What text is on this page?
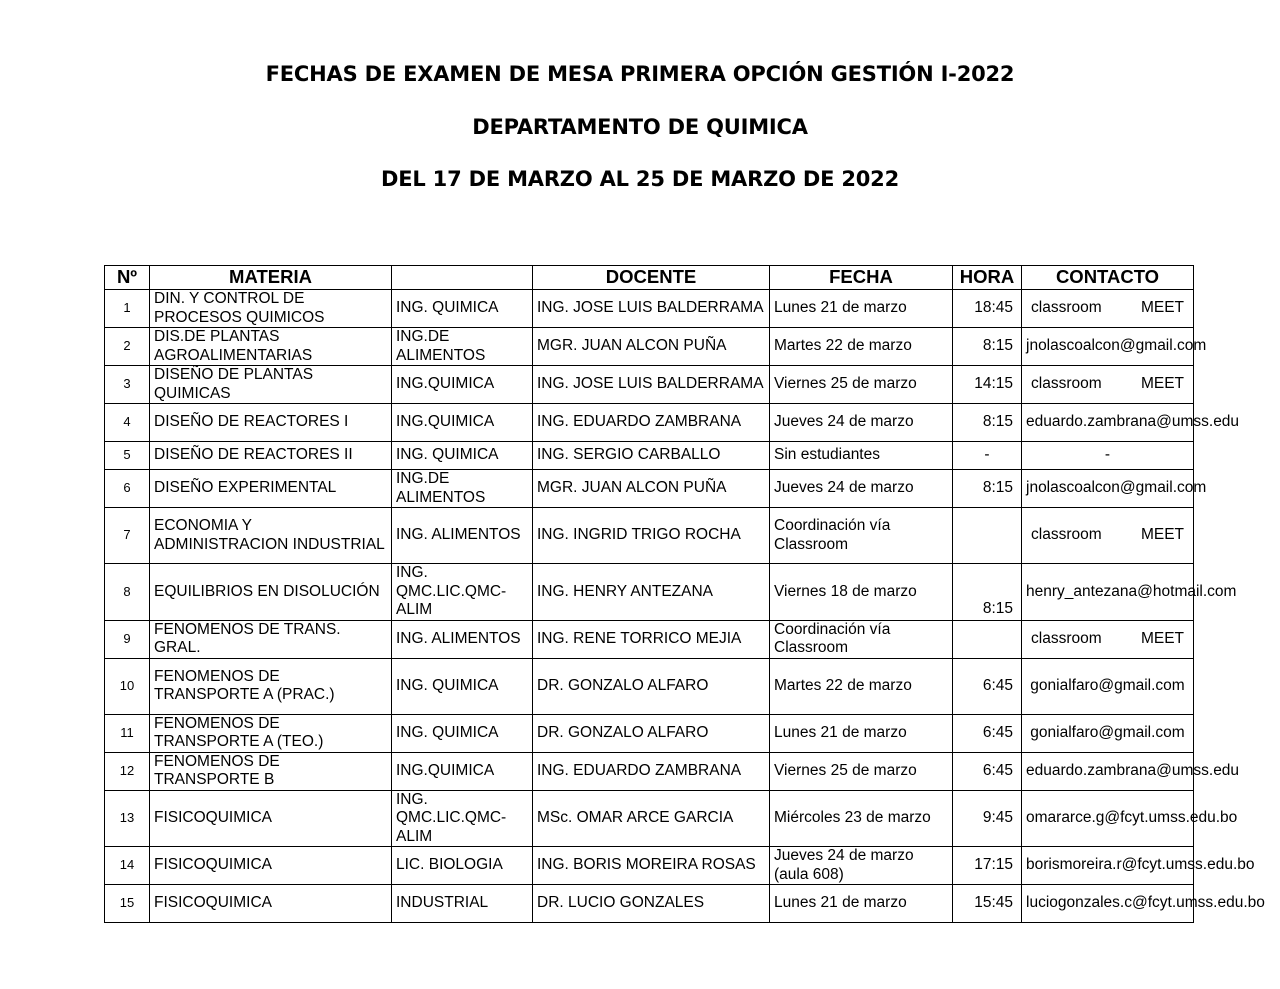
FECHAS DE EXAMEN DE MESA PRIMERA OPCIÓN GESTIÓN I-2022
DEPARTAMENTO DE QUIMICA
DEL 17 DE MARZO AL 25 DE MARZO DE 2022
Nº	MATERIA		DOCENTE	FECHA	HORA	CONTACTO
1	DIN. Y CONTROL DE PROCESOS QUIMICOS	ING. QUIMICA	ING. JOSE LUIS BALDERRAMA	Lunes 21 de marzo	18:45	classroom MEET

2	DIS.DE PLANTAS AGROALIMENTARIAS	ING.DE ALIMENTOS	MGR. JUAN ALCON PUÑA	Martes 22 de marzo	8:15	jnolascoalcon@gmail.com
3	DISEÑO DE PLANTAS QUIMICAS	ING.QUIMICA	ING. JOSE LUIS BALDERRAMA	Viernes 25 de marzo	14:15	classroom MEET

4	DISEÑO DE REACTORES I	ING.QUIMICA	ING. EDUARDO ZAMBRANA	Jueves 24 de marzo	8:15	eduardo.zambrana@umss.edu
5	DISEÑO DE REACTORES II	ING. QUIMICA	ING. SERGIO CARBALLO	Sin estudiantes	-	-
6	DISEÑO EXPERIMENTAL	ING.DE ALIMENTOS	MGR. JUAN ALCON PUÑA	Jueves 24 de marzo	8:15	jnolascoalcon@gmail.com
7	ECONOMIA Y ADMINISTRACION INDUSTRIAL	ING. ALIMENTOS	ING. INGRID TRIGO ROCHA	Coordinación vía Classroom		classroom MEET

8	EQUILIBRIOS EN DISOLUCIÓN	ING. QMC.LIC.QMC-ALIM	ING. HENRY ANTEZANA	Viernes 18 de marzo	8:15	henry_antezana@hotmail.com
9	FENOMENOS DE TRANS. GRAL.	ING. ALIMENTOS	ING. RENE TORRICO MEJIA	Coordinación vía Classroom		classroom MEET

10	FENOMENOS DE TRANSPORTE A (PRAC.)	ING. QUIMICA	DR. GONZALO ALFARO	Martes 22 de marzo	6:45	gonialfaro@gmail.com
11	FENOMENOS DE TRANSPORTE A (TEO.)	ING. QUIMICA	DR. GONZALO ALFARO	Lunes 21 de marzo	6:45	gonialfaro@gmail.com
12	FENOMENOS DE TRANSPORTE B	ING.QUIMICA	ING. EDUARDO ZAMBRANA	Viernes 25 de marzo	6:45	eduardo.zambrana@umss.edu
13	FISICOQUIMICA	ING. QMC.LIC.QMC-ALIM	MSc. OMAR ARCE GARCIA	Miércoles 23 de marzo	9:45	omararce.g@fcyt.umss.edu.bo
14	FISICOQUIMICA	LIC. BIOLOGIA	ING. BORIS MOREIRA ROSAS	Jueves 24 de marzo (aula 608)	17:15	borismoreira.r@fcyt.umss.edu.bo
15	FISICOQUIMICA	INDUSTRIAL	DR. LUCIO GONZALES	Lunes 21 de marzo	15:45	luciogonzales.c@fcyt.umss.edu.bo
